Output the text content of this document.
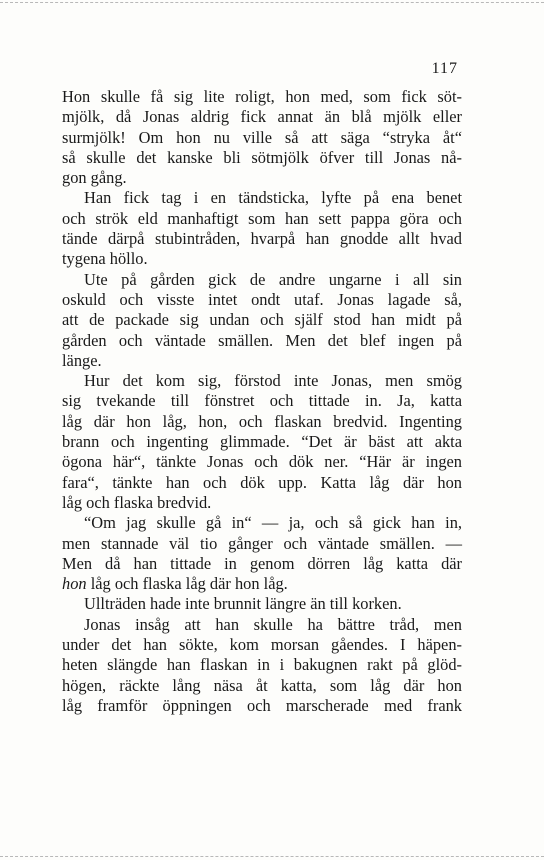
117
Hon skulle få sig lite roligt, hon med, som fick söt-
mjölk, då Jonas aldrig fick annat än blå mjölk eller
surmjölk! Om hon nu ville så att säga “stryka åt“
så skulle det kanske bli sötmjölk öfver till Jonas nå-
gon gång.
Han fick tag i en tändsticka, lyfte på ena benet
och strök eld manhaftigt som han sett pappa göra och
tände därpå stubintråden, hvarpå han gnodde allt hvad
tygena höllo.
Ute på gården gick de andre ungarne i all sin
oskuld och visste intet ondt utaf. Jonas lagade så,
att de packade sig undan och själf stod han midt på
gården och väntade smällen. Men det blef ingen på
länge.
Hur det kom sig, förstod inte Jonas, men smög
sig tvekande till fönstret och tittade in. Ja, katta
låg där hon låg, hon, och flaskan bredvid. Ingenting
brann och ingenting glimmade. “Det är bäst att akta
ögona här“, tänkte Jonas och dök ner. “Här är ingen
fara“, tänkte han och dök upp. Katta låg där hon
låg och flaska bredvid.
“Om jag skulle gå in“ — ja, och så gick han in,
men stannade väl tio gånger och väntade smällen. —
Men då han tittade in genom dörren låg katta där
hon låg och flaska låg där hon låg.
Ullträden hade inte brunnit längre än till korken.
Jonas insåg att han skulle ha bättre tråd, men
under det han sökte, kom morsan gåendes. I häpen-
heten slängde han flaskan in i bakugnen rakt på glöd-
högen, räckte lång näsa åt katta, som låg där hon
låg framför öppningen och marscherade med frank
